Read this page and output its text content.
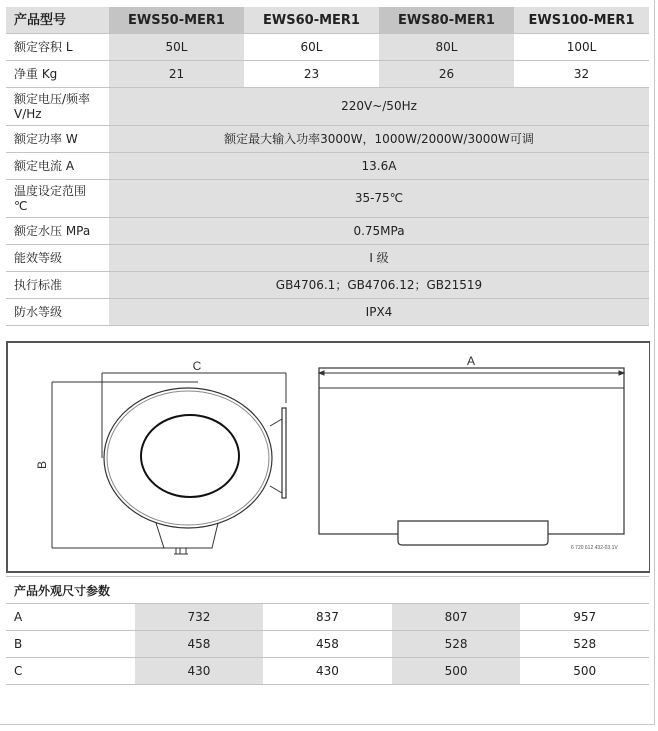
产品型号	EWS50-MER1	EWS60-MER1	EWS80-MER1	EWS100-MER1
额定容积 L	50L	60L	80L	100L
净重 Kg	21	23	26	32
额定电压/频率 V/Hz	220V~/50Hz			
额定功率 W	额定最大输入功率3000W，1000W/2000W/3000W可调			
额定电流 A	13.6A			
温度设定范围 ℃	35-75℃			
额定水压 MPa	0.75MPa			
能效等级	I 级			
执行标准	GB4706.1；GB4706.12；GB21519			
防水等级	IPX4			
C	A
B
6 720 612 432-03,1V
产品外观尺寸参数				
A	732	837	807	957
B	458	458	528	528
C	430	430	500	500
